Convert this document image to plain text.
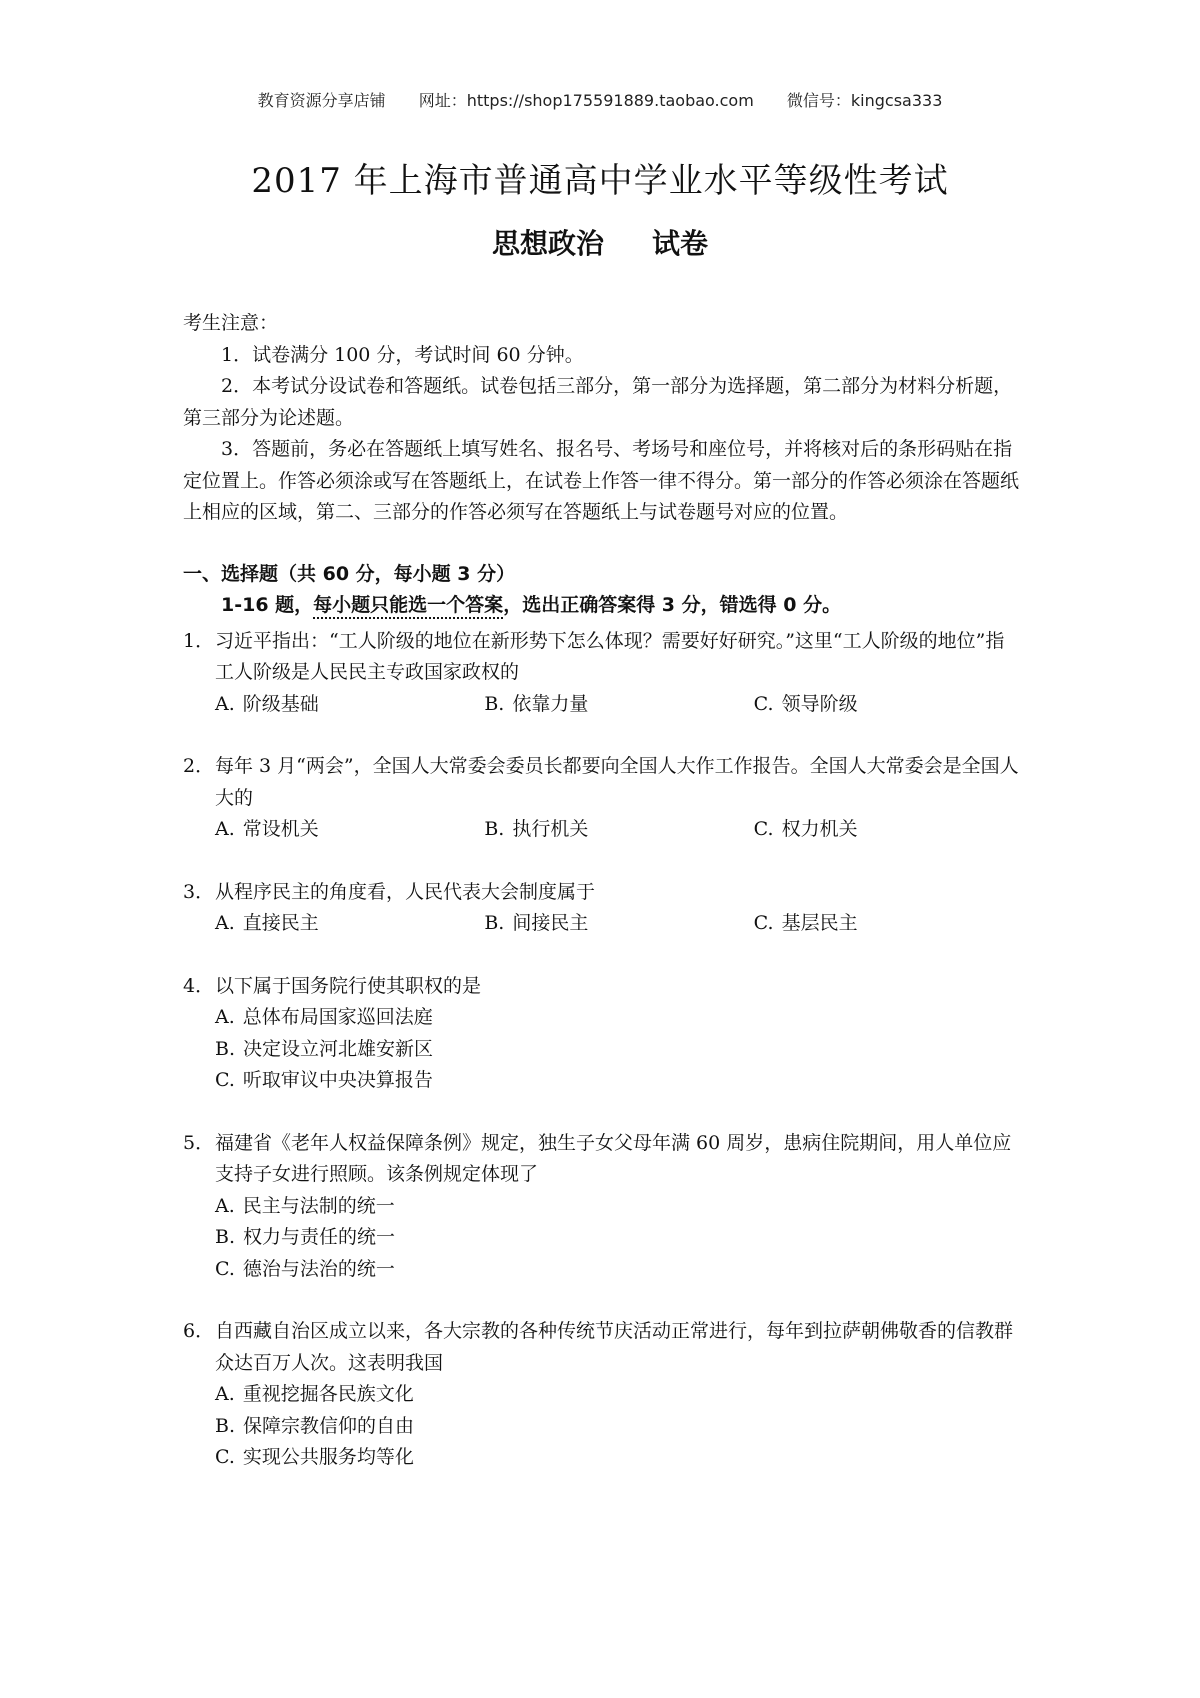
教育资源分享店铺 网址：https://shop175591889.taobao.com 微信号：kingcsa333
2017 年上海市普通高中学业水平等级性考试
思想政治 试卷

考生注意：

1．试卷满分 100 分，考试时间 60 分钟。

2．本考试分设试卷和答题纸。试卷包括三部分，第一部分为选择题，第二部分为材料分析题，第三部分为论述题。

3．答题前，务必在答题纸上填写姓名、报名号、考场号和座位号，并将核对后的条形码贴在指定位置上。作答必须涂或写在答题纸上，在试卷上作答一律不得分。第一部分的作答必须涂在答题纸上相应的区域，第二、三部分的作答必须写在答题纸上与试卷题号对应的位置。

一、选择题（共 60 分，每小题 3 分）

1-16 题，每小题只能选一个答案，选出正确答案得 3 分，错选得 0 分。

1． 习近平指出：“工人阶级的地位在新形势下怎么体现？需要好好研究。”这里“工人阶级的地位”指工人阶级是人民民主专政国家政权的
A. 阶级基础	B. 依靠力量	C. 领导阶级
2． 每年 3 月“两会”，全国人大常委会委员长都要向全国人大作工作报告。全国人大常委会是全国人大的
A. 常设机关	B. 执行机关	C. 权力机关
3． 从程序民主的角度看，人民代表大会制度属于
A. 直接民主	B. 间接民主	C. 基层民主
4． 以下属于国务院行使其职权的是
A. 总体布局国家巡回法庭
B. 决定设立河北雄安新区
C. 听取审议中央决算报告
5． 福建省《老年人权益保障条例》规定，独生子女父母年满 60 周岁，患病住院期间，用人单位应支持子女进行照顾。该条例规定体现了
A. 民主与法制的统一
B. 权力与责任的统一
C. 德治与法治的统一
6． 自西藏自治区成立以来，各大宗教的各种传统节庆活动正常进行，每年到拉萨朝佛敬香的信教群众达百万人次。这表明我国
A. 重视挖掘各民族文化
B. 保障宗教信仰的自由
C. 实现公共服务均等化
